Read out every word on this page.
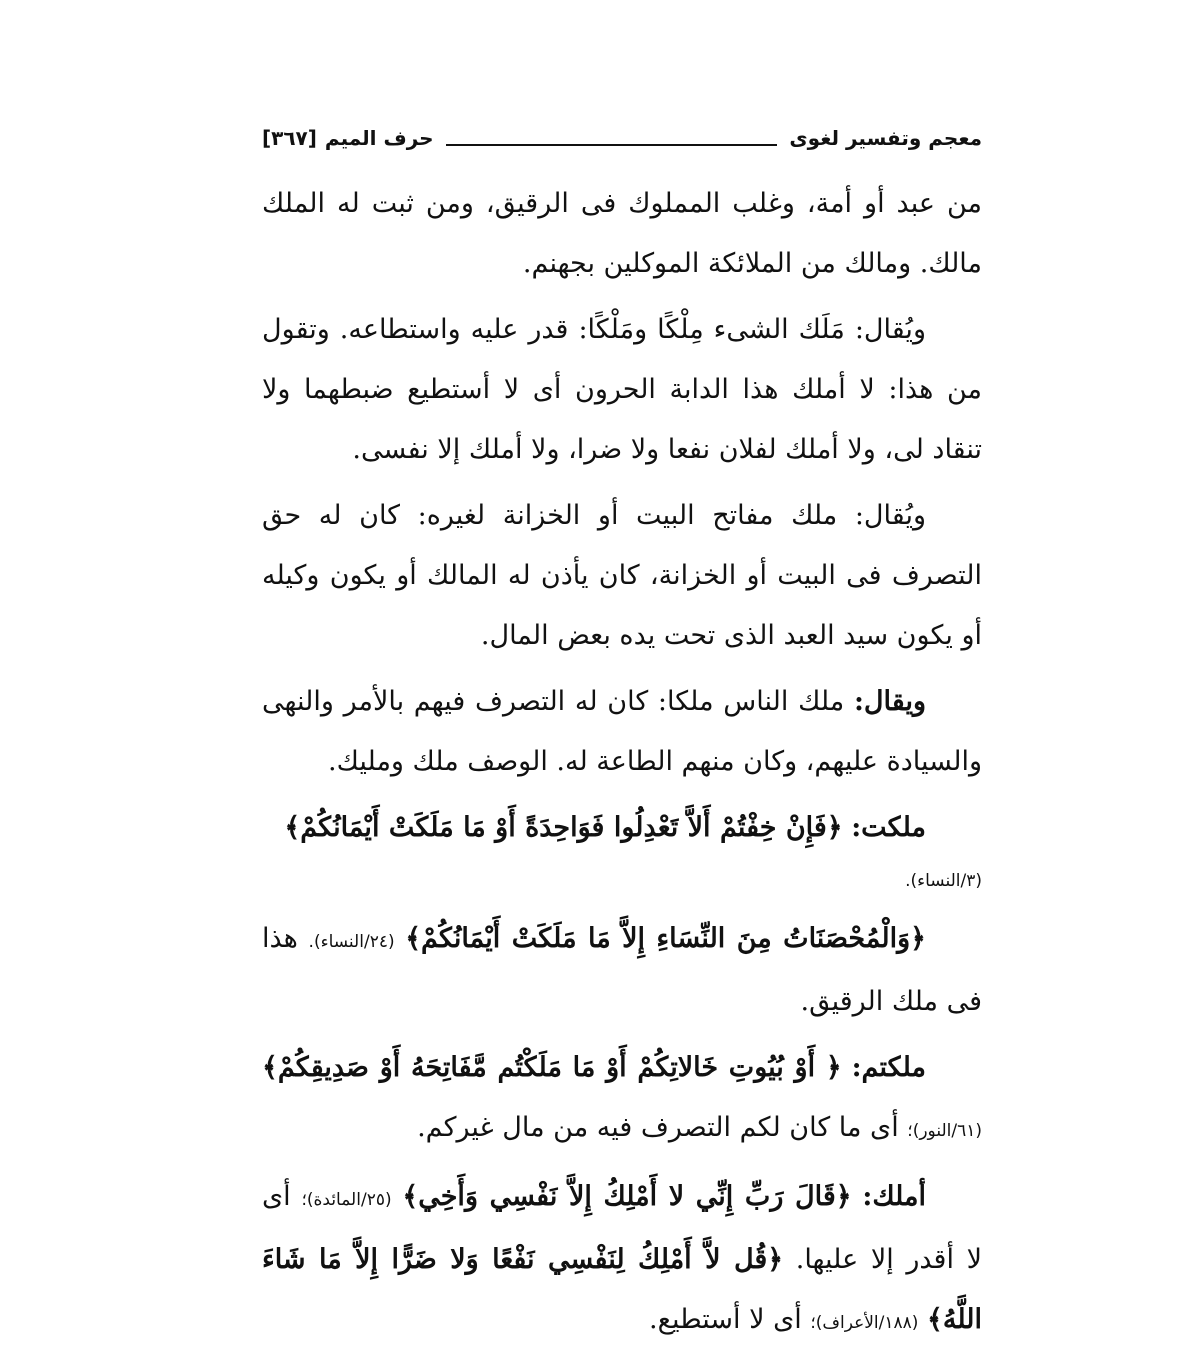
معجم وتفسير لغوى
حرف الميم
[٣٦٧]

من عبد أو أمة، وغلب المملوك فى الرقيق، ومن ثبت له الملك مالك. ومالك من الملائكة الموكلين بجهنم.

ويُقال: مَلَك الشىء مِلْكًا ومَلْكًا: قدر عليه واستطاعه. وتقول من هذا: لا أملك هذا الدابة الحرون أى لا أستطيع ضبطهما ولا تنقاد لى، ولا أملك لفلان نفعا ولا ضرا، ولا أملك إلا نفسى.

ويُقال: ملك مفاتح البيت أو الخزانة لغيره: كان له حق التصرف فى البيت أو الخزانة، كان يأذن له المالك أو يكون وكيله أو يكون سيد العبد الذى تحت يده بعض المال.

ويقال: ملك الناس ملكا: كان له التصرف فيهم بالأمر والنهى والسيادة عليهم، وكان منهم الطاعة له. الوصف ملك ومليك.

ملكت: ﴿فَإِنْ خِفْتُمْ أَلاَّ تَعْدِلُوا فَوَاحِدَةً أَوْ مَا مَلَكَتْ أَيْمَانُكُمْ﴾

(٣/النساء).

﴿وَالْمُحْصَنَاتُ مِنَ النِّسَاءِ إِلاَّ مَا مَلَكَتْ أَيْمَانُكُمْ﴾ (٢٤/النساء). هذا فى ملك الرقيق.

ملكتم: ﴿ أَوْ بُيُوتِ خَالاتِكُمْ أَوْ مَا مَلَكْتُم مَّفَاتِحَهُ أَوْ صَدِيقِكُمْ﴾ (٦١/النور)؛ أى ما كان لكم التصرف فيه من مال غيركم.

أملك: ﴿قَالَ رَبِّ إِنِّي لا أَمْلِكُ إِلاَّ نَفْسِي وَأَخِي﴾ (٢٥/المائدة)؛ أى لا أقدر إلا عليها. ﴿قُل لاَّ أَمْلِكُ لِنَفْسِي نَفْعًا وَلا ضَرًّا إِلاَّ مَا شَاءَ اللَّهُ﴾ (١٨٨/الأعراف)؛ أى لا أستطيع.
